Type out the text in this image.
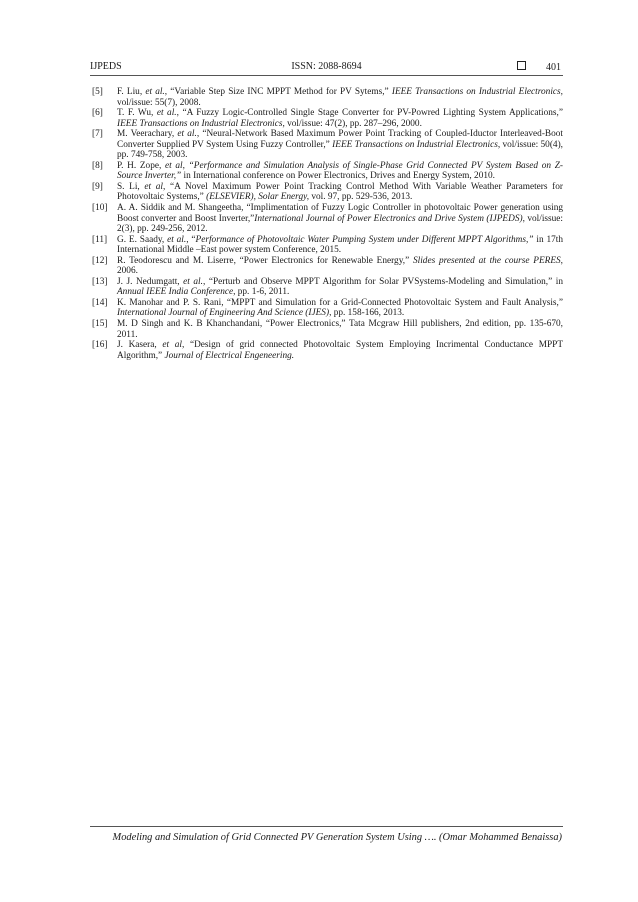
IJPEDS	ISSN: 2088-8694	401
[5] F. Liu, et al., “Variable Step Size INC MPPT Method for PV Sytems,” IEEE Transactions on Industrial Electronics, vol/issue: 55(7), 2008.
[6] T. F. Wu, et al., “A Fuzzy Logic-Controlled Single Stage Converter for PV-Powred Lighting System Applications,” IEEE Transactions on Industrial Electronics, vol/issue: 47(2), pp. 287–296, 2000.
[7] M. Veerachary, et al., “Neural-Network Based Maximum Power Point Tracking of Coupled-Iductor Interleaved-Boot Converter Supplied PV System Using Fuzzy Controller,” IEEE Transactions on Industrial Electronics, vol/issue: 50(4), pp. 749-758, 2003.
[8] P. H. Zope, et al, “Performance and Simulation Analysis of Single-Phase Grid Connected PV System Based on Z-Source Inverter,” in International conference on Power Electronics, Drives and Energy System, 2010.
[9] S. Li, et al, “A Novel Maximum Power Point Tracking Control Method With Variable Weather Parameters for Photovoltaic Systems,” (ELSEVIER), Solar Energy, vol. 97, pp. 529-536, 2013.
[10] A. A. Siddik and M. Shangeetha, “Implimentation of Fuzzy Logic Controller in photovoltaic Power generation using Boost converter and Boost Inverter,”International Journal of Power Electronics and Drive System (IJPEDS), vol/issue: 2(3), pp. 249-256, 2012.
[11] G. E. Saady, et al., “Performance of Photovoltaic Water Pumping System under Different MPPT Algorithms,” in 17th International Middle –East power system Conference, 2015.
[12] R. Teodorescu and M. Liserre, “Power Electronics for Renewable Energy,” Slides presented at the course PERES, 2006.
[13] J. J. Nedumgatt, et al., “Perturb and Observe MPPT Algorithm for Solar PVSystems-Modeling and Simulation,” in Annual IEEE India Conference, pp. 1-6, 2011.
[14] K. Manohar and P. S. Rani, “MPPT and Simulation for a Grid-Connected Photovoltaic System and Fault Analysis,” International Journal of Engineering And Science (IJES), pp. 158-166, 2013.
[15] M. D Singh and K. B Khanchandani, “Power Electronics,” Tata Mcgraw Hill publishers, 2nd edition, pp. 135-670, 2011.
[16] J. Kasera, et al, “Design of grid connected Photovoltaic System Employing Incrimental Conductance MPPT Algorithm,” Journal of Electrical Engeneering.
Modeling and Simulation of Grid Connected PV Generation System Using …. (Omar Mohammed Benaissa)
